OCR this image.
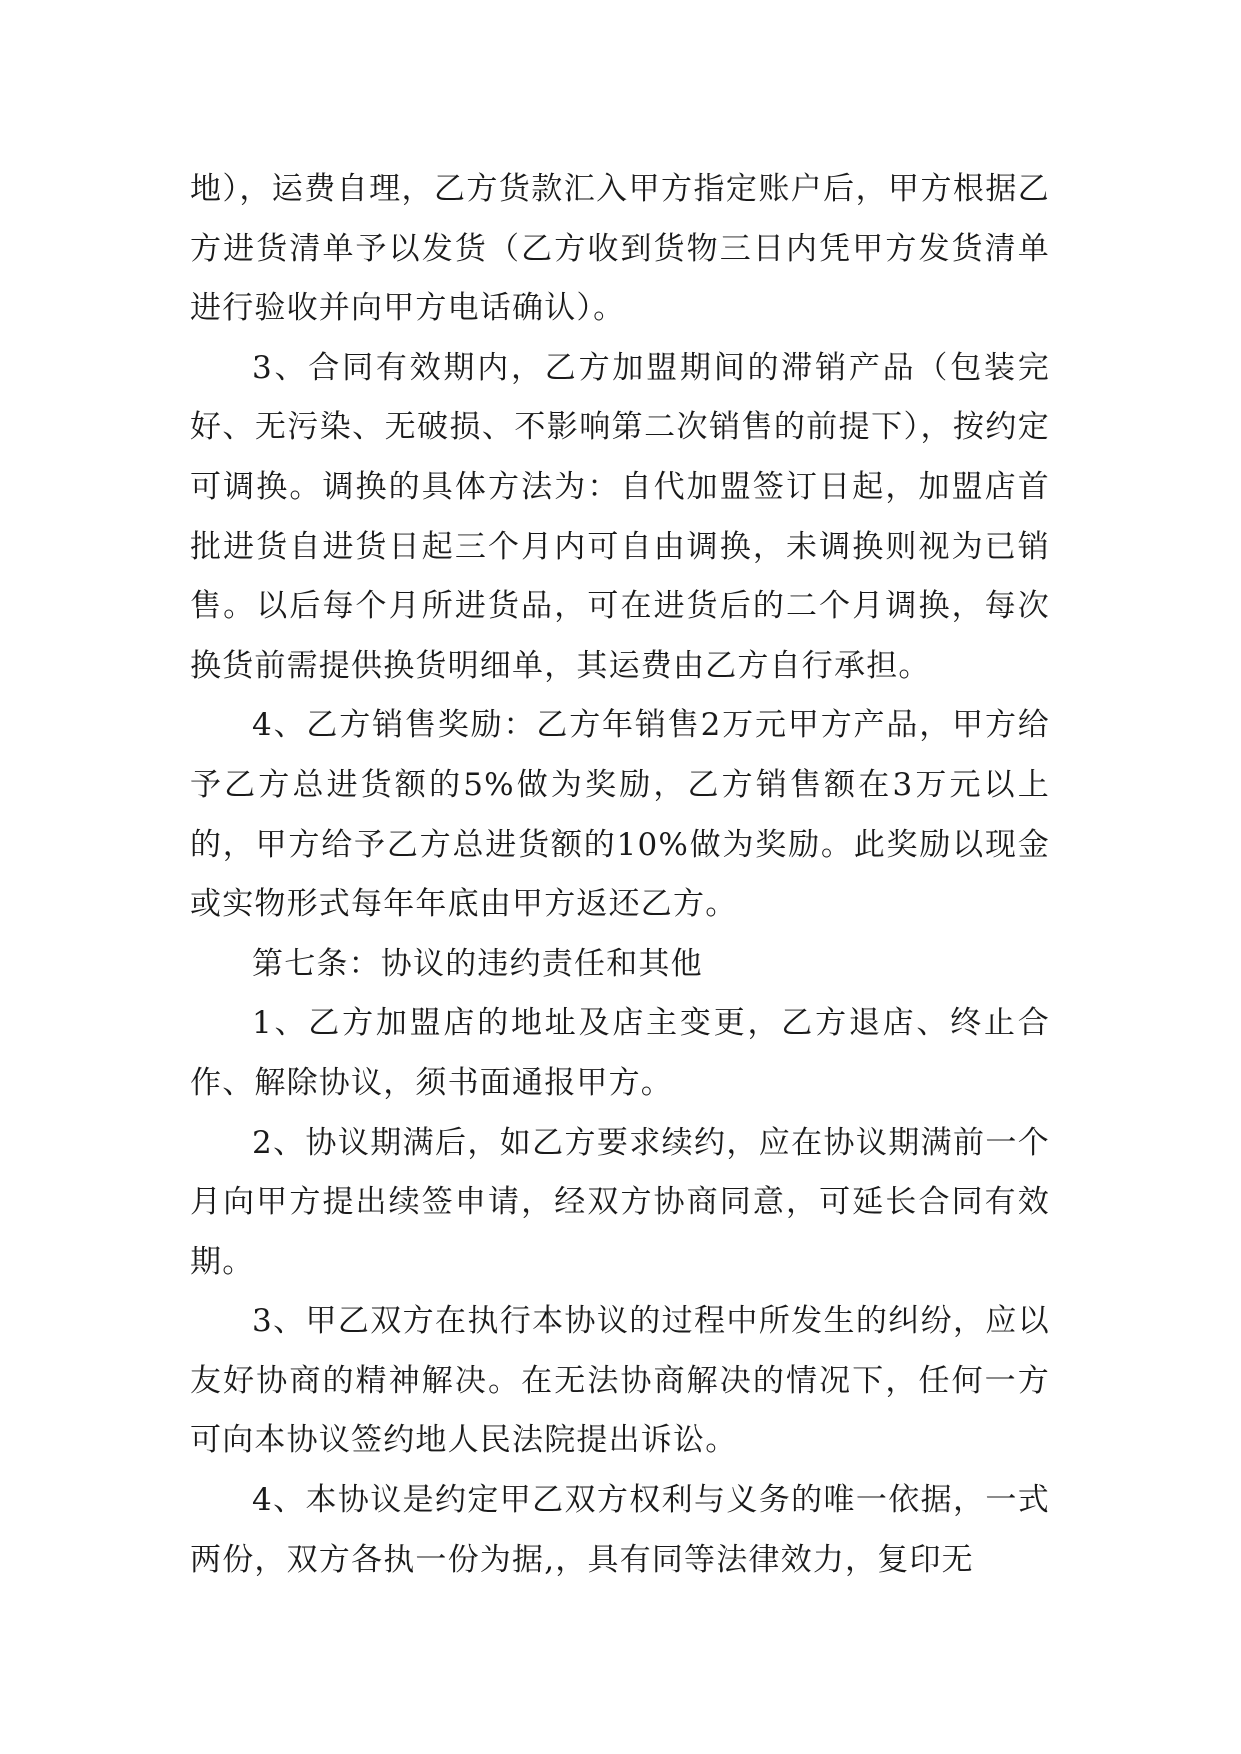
地），运费自理，乙方货款汇入甲方指定账户后，甲方根据乙方进货清单予以发货（乙方收到货物三日内凭甲方发货清单进行验收并向甲方电话确认）。

3、合同有效期内，乙方加盟期间的滞销产品（包装完好、无污染、无破损、不影响第二次销售的前提下），按约定可调换。调换的具体方法为：自代加盟签订日起，加盟店首批进货自进货日起三个月内可自由调换，未调换则视为已销售。以后每个月所进货品，可在进货后的二个月调换，每次换货前需提供换货明细单，其运费由乙方自行承担。

4、乙方销售奖励：乙方年销售2万元甲方产品，甲方给予乙方总进货额的5%做为奖励，乙方销售额在3万元以上的，甲方给予乙方总进货额的10%做为奖励。此奖励以现金或实物形式每年年底由甲方返还乙方。

第七条：协议的违约责任和其他

1、乙方加盟店的地址及店主变更，乙方退店、终止合作、解除协议，须书面通报甲方。

2、协议期满后，如乙方要求续约，应在协议期满前一个月向甲方提出续签申请，经双方协商同意，可延长合同有效期。

3、甲乙双方在执行本协议的过程中所发生的纠纷，应以友好协商的精神解决。在无法协商解决的情况下，任何一方可向本协议签约地人民法院提出诉讼。

4、本协议是约定甲乙双方权利与义务的唯一依据，一式两份，双方各执一份为据,，具有同等法律效力，复印无
